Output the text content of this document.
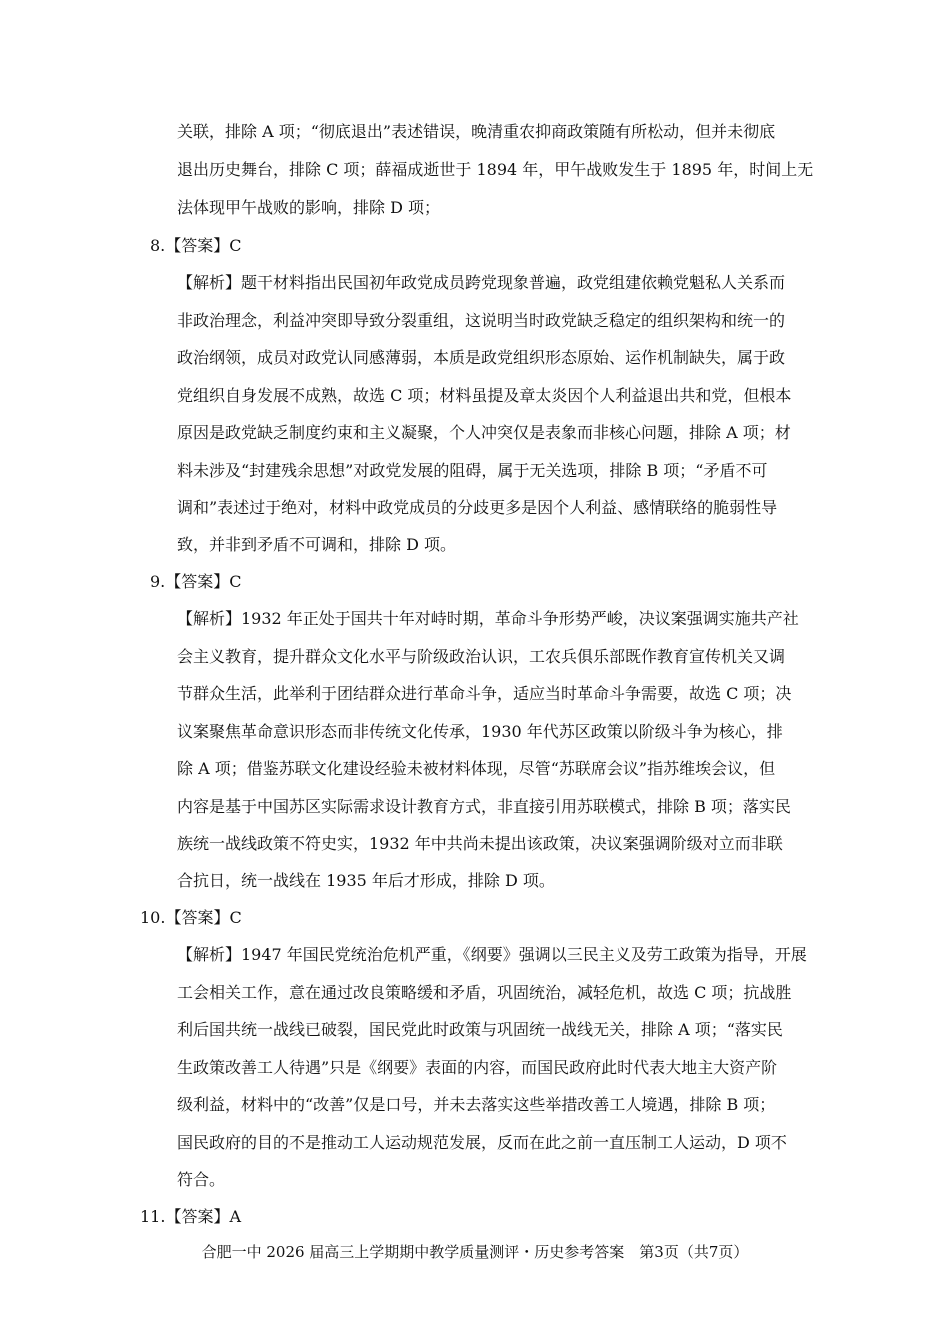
关联，排除 A 项；“彻底退出”表述错误，晚清重农抑商政策随有所松动，但并未彻底
退出历史舞台，排除 C 项；薛福成逝世于 1894 年，甲午战败发生于 1895 年，时间上无
法体现甲午战败的影响，排除 D 项；
8.【答案】C
【解析】题干材料指出民国初年政党成员跨党现象普遍，政党组建依赖党魁私人关系而
非政治理念，利益冲突即导致分裂重组，这说明当时政党缺乏稳定的组织架构和统一的
政治纲领，成员对政党认同感薄弱，本质是政党组织形态原始、运作机制缺失，属于政
党组织自身发展不成熟，故选 C 项；材料虽提及章太炎因个人利益退出共和党，但根本
原因是政党缺乏制度约束和主义凝聚，个人冲突仅是表象而非核心问题，排除 A 项；材
料未涉及“封建残余思想”对政党发展的阻碍，属于无关选项，排除 B 项；“矛盾不可
调和”表述过于绝对，材料中政党成员的分歧更多是因个人利益、感情联络的脆弱性导
致，并非到矛盾不可调和，排除 D 项。
9.【答案】C
【解析】1932 年正处于国共十年对峙时期，革命斗争形势严峻，决议案强调实施共产社
会主义教育，提升群众文化水平与阶级政治认识，工农兵俱乐部既作教育宣传机关又调
节群众生活，此举利于团结群众进行革命斗争，适应当时革命斗争需要，故选 C 项；决
议案聚焦革命意识形态而非传统文化传承，1930 年代苏区政策以阶级斗争为核心，排
除 A 项；借鉴苏联文化建设经验未被材料体现，尽管“苏联席会议”指苏维埃会议，但
内容是基于中国苏区实际需求设计教育方式，非直接引用苏联模式，排除 B 项；落实民
族统一战线政策不符史实，1932 年中共尚未提出该政策，决议案强调阶级对立而非联
合抗日，统一战线在 1935 年后才形成，排除 D 项。
10.【答案】C
【解析】1947 年国民党统治危机严重，《纲要》强调以三民主义及劳工政策为指导，开展
工会相关工作，意在通过改良策略缓和矛盾，巩固统治，减轻危机，故选 C 项；抗战胜
利后国共统一战线已破裂，国民党此时政策与巩固统一战线无关，排除 A 项；“落实民
生政策改善工人待遇”只是《纲要》表面的内容，而国民政府此时代表大地主大资产阶
级利益，材料中的“改善”仅是口号，并未去落实这些举措改善工人境遇，排除 B 项；
国民政府的目的不是推动工人运动规范发展，反而在此之前一直压制工人运动，D 项不
符合。
11.【答案】A
合肥一中 2026 届高三上学期期中教学质量测评・历史参考答案　第3页（共7页）
